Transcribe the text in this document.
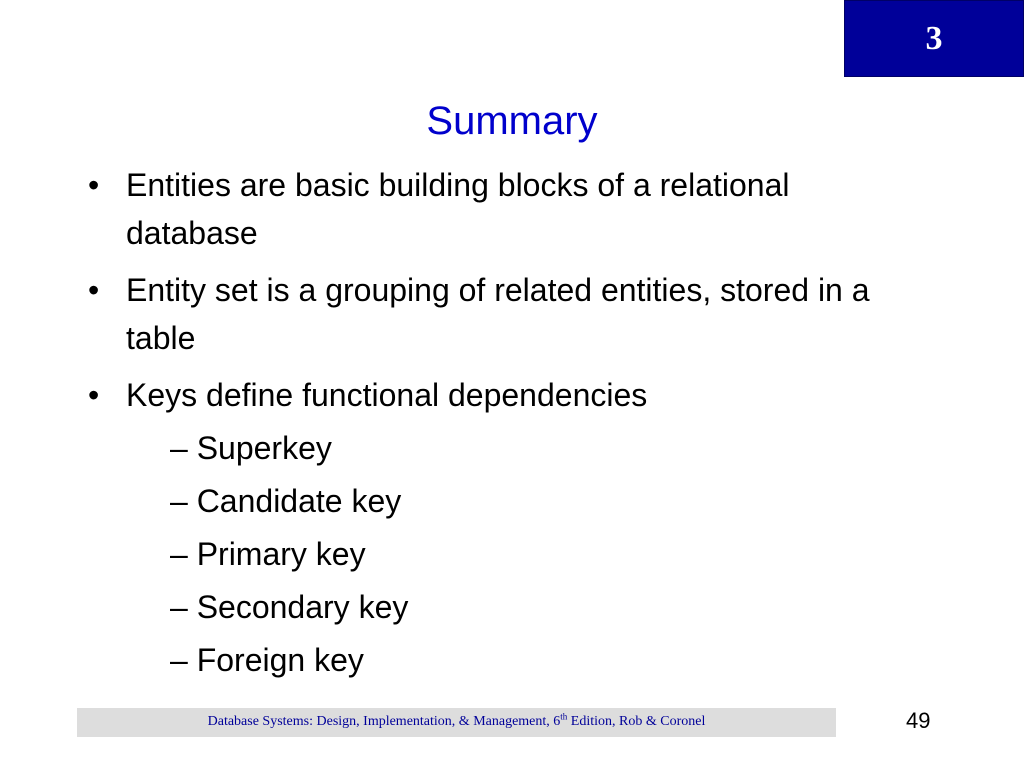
3
Summary
• Entities are basic building blocks of a relational database
• Entity set is a grouping of related entities, stored in a table
• Keys define functional dependencies
– Superkey
– Candidate key
– Primary key
– Secondary key
– Foreign key
Database Systems: Design, Implementation, & Management, 6th Edition, Rob & Coronel	49
